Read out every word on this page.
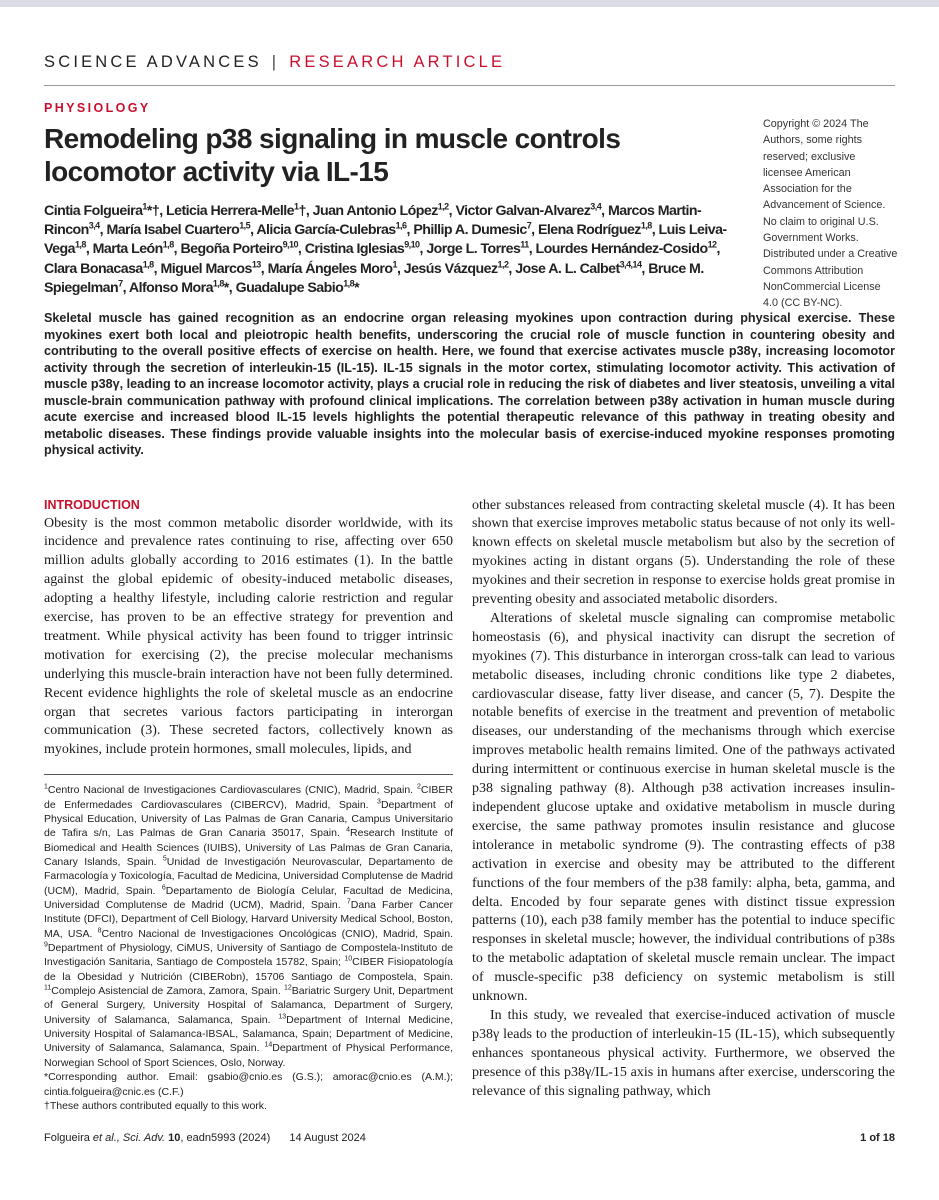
SCIENCE ADVANCES | RESEARCH ARTICLE
PHYSIOLOGY
Remodeling p38 signaling in muscle controls locomotor activity via IL-15
Cintia Folgueira$^1$*†, Leticia Herrera-Melle$^1$†, Juan Antonio López$^{1,2}$, Victor Galvan-Alvarez$^{3,4}$, Marcos Martin-Rincon$^{3,4}$, María Isabel Cuartero$^{1,5}$, Alicia García-Culebras$^{1,6}$, Phillip A. Dumesic$^7$, Elena Rodríguez$^{1,8}$, Luis Leiva-Vega$^{1,8}$, Marta León$^{1,8}$, Begoña Porteiro$^{9,10}$, Cristina Iglesias$^{9,10}$, Jorge L. Torres$^{11}$, Lourdes Hernández-Cosido$^{12}$, Clara Bonacasa$^{1,8}$, Miguel Marcos$^{13}$, María Ángeles Moro$^1$, Jesús Vázquez$^{1,2}$, Jose A. L. Calbet$^{3,4,14}$, Bruce M. Spiegelman$^7$, Alfonso Mora$^{1,8}$*, Guadalupe Sabio$^{1,8}$*
Copyright © 2024 The Authors, some rights reserved; exclusive licensee American Association for the Advancement of Science. No claim to original U.S. Government Works. Distributed under a Creative Commons Attribution NonCommercial License 4.0 (CC BY-NC).
Skeletal muscle has gained recognition as an endocrine organ releasing myokines upon contraction during physical exercise. These myokines exert both local and pleiotropic health benefits, underscoring the crucial role of muscle function in countering obesity and contributing to the overall positive effects of exercise on health. Here, we found that exercise activates muscle p38γ, increasing locomotor activity through the secretion of interleukin-15 (IL-15). IL-15 signals in the motor cortex, stimulating locomotor activity. This activation of muscle p38γ, leading to an increase locomotor activity, plays a crucial role in reducing the risk of diabetes and liver steatosis, unveiling a vital muscle-brain communication pathway with profound clinical implications. The correlation between p38γ activation in human muscle during acute exercise and increased blood IL-15 levels highlights the potential therapeutic relevance of this pathway in treating obesity and metabolic diseases. These findings provide valuable insights into the molecular basis of exercise-induced myokine responses promoting physical activity.
INTRODUCTION

Obesity is the most common metabolic disorder worldwide, with its incidence and prevalence rates continuing to rise, affecting over 650 million adults globally according to 2016 estimates (1). In the battle against the global epidemic of obesity-induced metabolic diseases, adopting a healthy lifestyle, including calorie restriction and regular exercise, has proven to be an effective strategy for prevention and treatment. While physical activity has been found to trigger intrinsic motivation for exercising (2), the precise molecular mechanisms underlying this muscle-brain interaction have not been fully determined. Recent evidence highlights the role of skeletal muscle as an endocrine organ that secretes various factors participating in interorgan communication (3). These secreted factors, collectively known as myokines, include protein hormones, small molecules, lipids, and

$^1$Centro Nacional de Investigaciones Cardiovasculares (CNIC), Madrid, Spain. $^2$CIBER de Enfermedades Cardiovasculares (CIBERCV), Madrid, Spain. $^3$Department of Physical Education, University of Las Palmas de Gran Canaria, Campus Universitario de Tafira s/n, Las Palmas de Gran Canaria 35017, Spain. $^4$Research Institute of Biomedical and Health Sciences (IUIBS), University of Las Palmas de Gran Canaria, Canary Islands, Spain. $^5$Unidad de Investigación Neurovascular, Departamento de Farmacología y Toxicología, Facultad de Medicina, Universidad Complutense de Madrid (UCM), Madrid, Spain. $^6$Departamento de Biología Celular, Facultad de Medicina, Universidad Complutense de Madrid (UCM), Madrid, Spain. $^7$Dana Farber Cancer Institute (DFCI), Department of Cell Biology, Harvard University Medical School, Boston, MA, USA. $^8$Centro Nacional de Investigaciones Oncológicas (CNIO), Madrid, Spain. $^9$Department of Physiology, CiMUS, University of Santiago de Compostela-Instituto de Investigación Sanitaria, Santiago de Compostela 15782, Spain; $^{10}$CIBER Fisiopatología de la Obesidad y Nutrición (CIBERobn), 15706 Santiago de Compostela, Spain. $^{11}$Complejo Asistencial de Zamora, Zamora, Spain. $^{12}$Bariatric Surgery Unit, Department of General Surgery, University Hospital of Salamanca, Department of Surgery, University of Salamanca, Salamanca, Spain. $^{13}$Department of Internal Medicine, University Hospital of Salamanca-IBSAL, Salamanca, Spain; Department of Medicine, University of Salamanca, Salamanca, Spain. $^{14}$Department of Physical Performance, Norwegian School of Sport Sciences, Oslo, Norway.

*Corresponding author. Email: gsabio@cnio.es (G.S.); amorac@cnio.es (A.M.); cintia.folgueira@cnic.es (C.F.)

†These authors contributed equally to this work.

other substances released from contracting skeletal muscle (4). It has been shown that exercise improves metabolic status because of not only its well-known effects on skeletal muscle metabolism but also by the secretion of myokines acting in distant organs (5). Understanding the role of these myokines and their secretion in response to exercise holds great promise in preventing obesity and associated metabolic disorders.

Alterations of skeletal muscle signaling can compromise metabolic homeostasis (6), and physical inactivity can disrupt the secretion of myokines (7). This disturbance in interorgan cross-talk can lead to various metabolic diseases, including chronic conditions like type 2 diabetes, cardiovascular disease, fatty liver disease, and cancer (5, 7). Despite the notable benefits of exercise in the treatment and prevention of metabolic diseases, our understanding of the mechanisms through which exercise improves metabolic health remains limited. One of the pathways activated during intermittent or continuous exercise in human skeletal muscle is the p38 signaling pathway (8). Although p38 activation increases insulin-independent glucose uptake and oxidative metabolism in muscle during exercise, the same pathway promotes insulin resistance and glucose intolerance in metabolic syndrome (9). The contrasting effects of p38 activation in exercise and obesity may be attributed to the different functions of the four members of the p38 family: alpha, beta, gamma, and delta. Encoded by four separate genes with distinct tissue expression patterns (10), each p38 family member has the potential to induce specific responses in skeletal muscle; however, the individual contributions of p38s to the metabolic adaptation of skeletal muscle remain unclear. The impact of muscle-specific p38 deficiency on systemic metabolism is still unknown.

In this study, we revealed that exercise-induced activation of muscle p38γ leads to the production of interleukin-15 (IL-15), which subsequently enhances spontaneous physical activity. Furthermore, we observed the presence of this p38γ/IL-15 axis in humans after exercise, underscoring the relevance of this signaling pathway, which

Folgueira et al., Sci. Adv. 10, eadn5993 (2024) 14 August 2024	1 of 18
